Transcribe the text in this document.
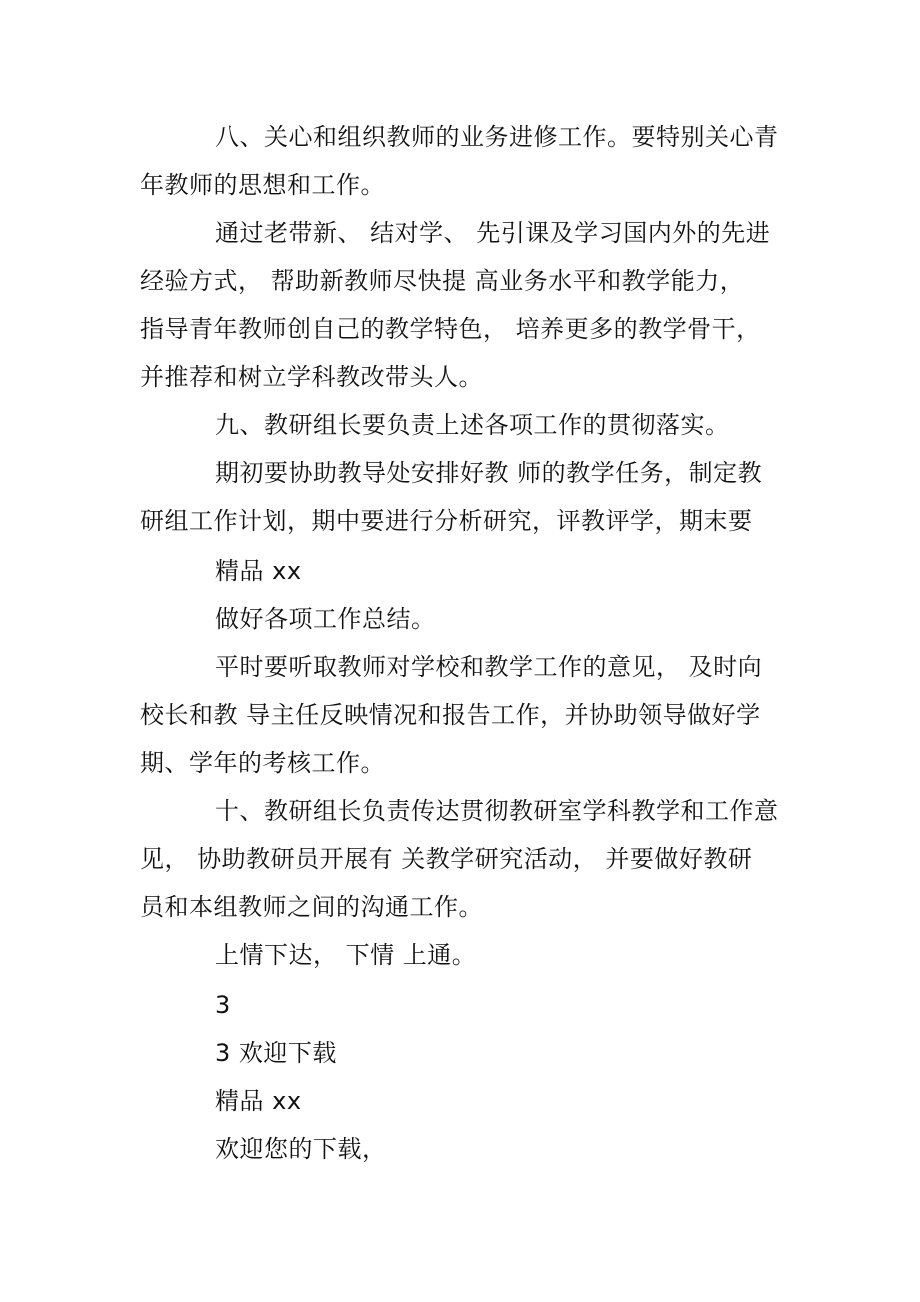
八、关心和组织教师的业务进修工作。要特别关心青

年教师的思想和工作。

通过老带新、 结对学、 先引课及学习国内外的先进

经验方式， 帮助新教师尽快提 高业务水平和教学能力，

指导青年教师创自己的教学特色， 培养更多的教学骨干，

并推荐和树立学科教改带头人。

九、教研组长要负责上述各项工作的贯彻落实。

期初要协助教导处安排好教 师的教学任务，制定教

研组工作计划，期中要进行分析研究，评教评学，期末要

精品 xx

做好各项工作总结。

平时要听取教师对学校和教学工作的意见， 及时向

校长和教 导主任反映情况和报告工作，并协助领导做好学

期、学年的考核工作。

十、教研组长负责传达贯彻教研室学科教学和工作意

见， 协助教研员开展有 关教学研究活动， 并要做好教研

员和本组教师之间的沟通工作。

上情下达， 下情 上通。

3

3 欢迎下载

精品 xx

欢迎您的下载，
